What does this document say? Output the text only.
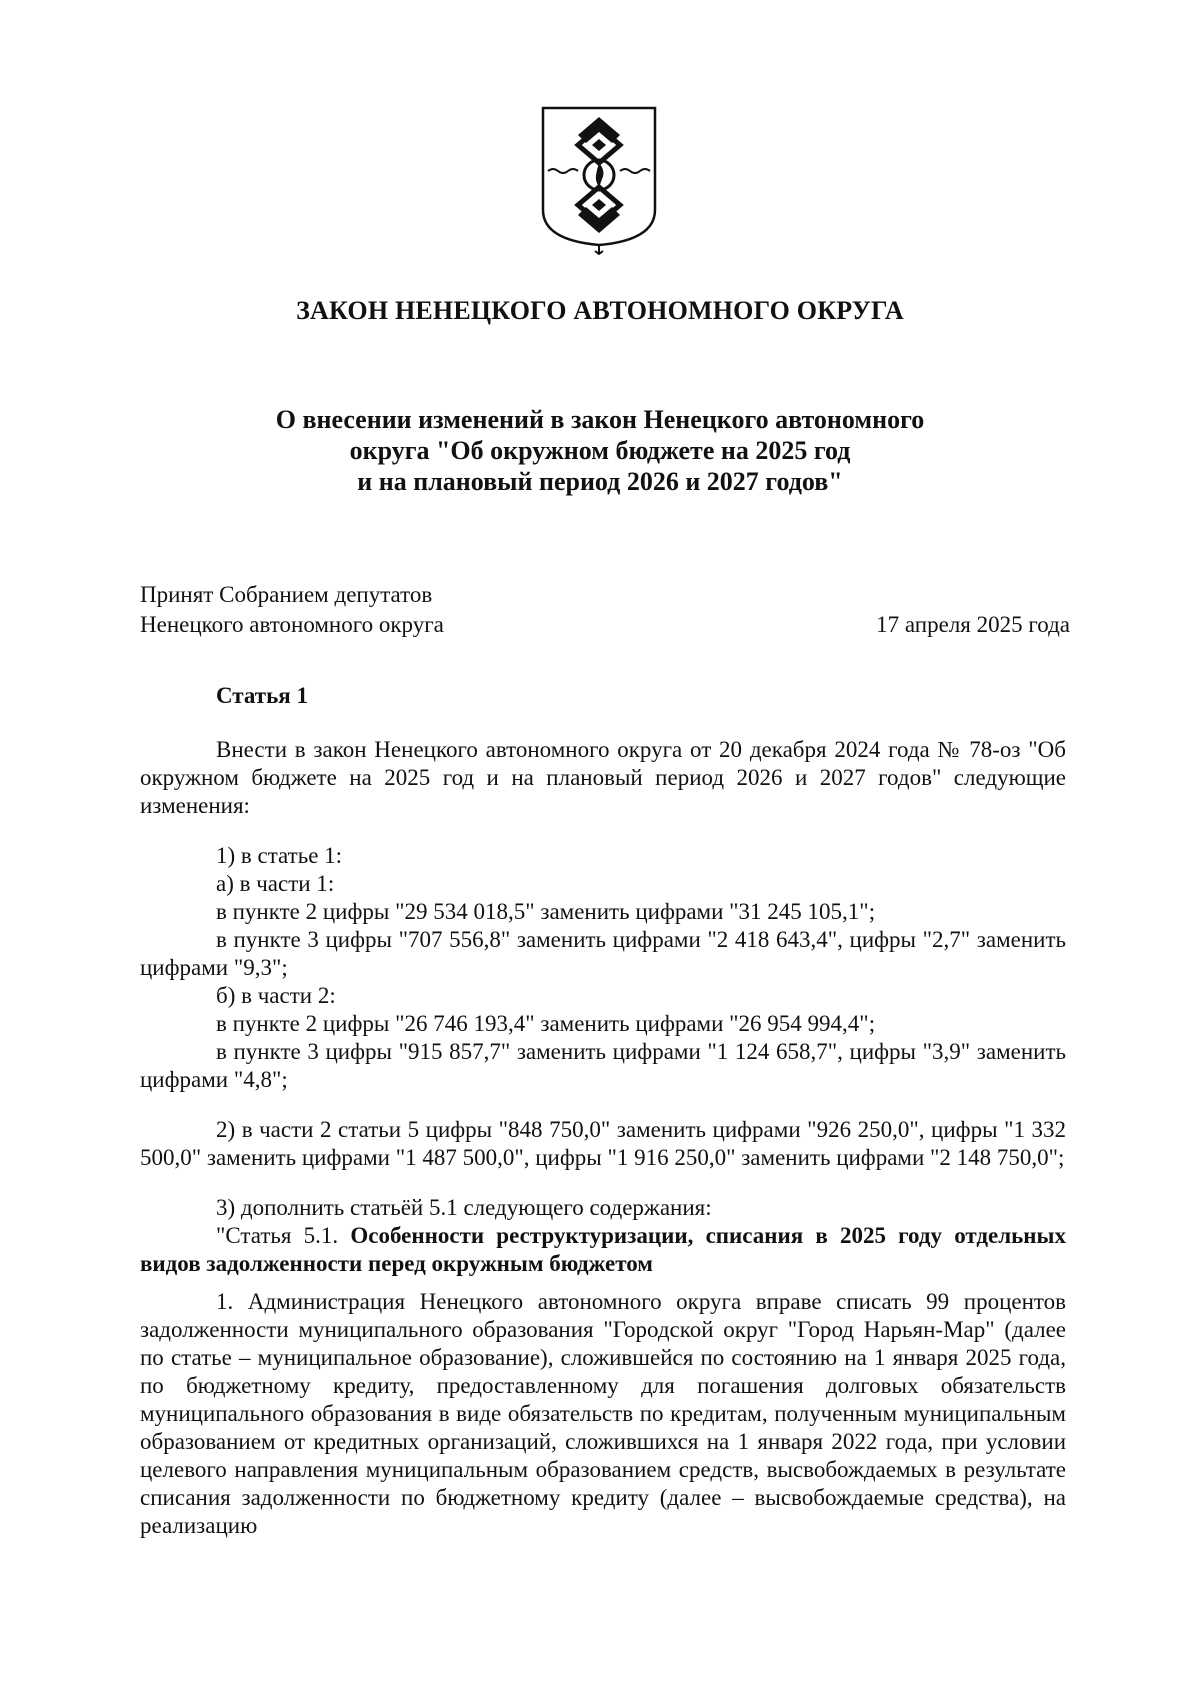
ЗАКОН НЕНЕЦКОГО АВТОНОМНОГО ОКРУГА
О внесении изменений в закон Ненецкого автономного
округа "Об окружном бюджете на 2025 год
и на плановый период 2026 и 2027 годов"
Принят Собранием депутатов
Ненецкого автономного округа	17 апреля 2025 года
Статья 1

Внести в закон Ненецкого автономного округа от 20 декабря 2024 года № 78-оз "Об окружном бюджете на 2025 год и на плановый период 2026 и 2027 годов" следующие изменения:

1) в статье 1:

а) в части 1:

в пункте 2 цифры "29 534 018,5" заменить цифрами "31 245 105,1";

в пункте 3 цифры "707 556,8" заменить цифрами "2 418 643,4", цифры "2,7" заменить цифрами "9,3";

б) в части 2:

в пункте 2 цифры "26 746 193,4" заменить цифрами "26 954 994,4";

в пункте 3 цифры "915 857,7" заменить цифрами "1 124 658,7", цифры "3,9" заменить цифрами "4,8";

2) в части 2 статьи 5 цифры "848 750,0" заменить цифрами "926 250,0", цифры "1 332 500,0" заменить цифрами "1 487 500,0", цифры "1 916 250,0" заменить цифрами "2 148 750,0";

3) дополнить статьёй 5.1 следующего содержания:

"Статья 5.1. Особенности реструктуризации, списания в 2025 году отдельных видов задолженности перед окружным бюджетом

1. Администрация Ненецкого автономного округа вправе списать 99 процентов задолженности муниципального образования "Городской округ "Город Нарьян-Мар" (далее по статье – муниципальное образование), сложившейся по состоянию на 1 января 2025 года, по бюджетному кредиту, предоставленному для погашения долговых обязательств муниципального образования в виде обязательств по кредитам, полученным муниципальным образованием от кредитных организаций, сложившихся на 1 января 2022 года, при условии целевого направления муниципальным образованием средств, высвобождаемых в результате списания задолженности по бюджетному кредиту (далее – высвобождаемые средства), на реализацию
